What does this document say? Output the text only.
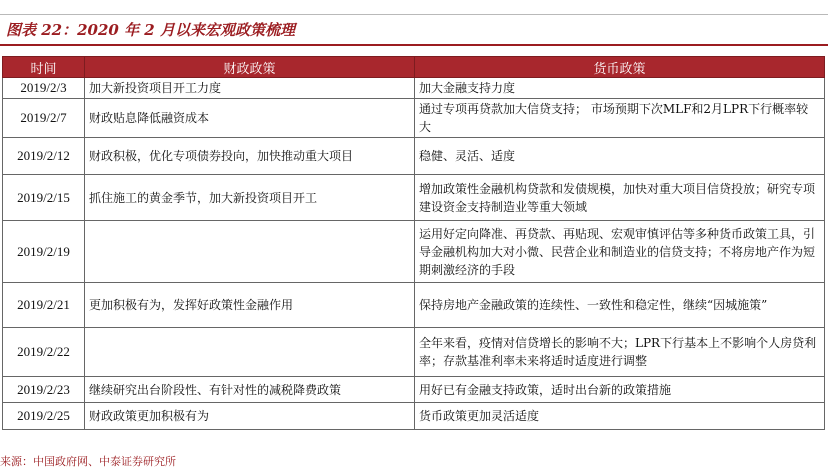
图表 22：2020 年 2 月以来宏观政策梳理
时间	财政政策	货币政策
2019/2/3	加大新投资项目开工力度	加大金融支持力度
2019/2/7	财政贴息降低融资成本	通过专项再贷款加大信贷支持； 市场预期下次MLF和2月LPR下行概率较大
2019/2/12	财政积极，优化专项债券投向，加快推动重大项目	稳健、灵活、适度
2019/2/15	抓住施工的黄金季节，加大新投资项目开工	增加政策性金融机构贷款和发债规模，加快对重大项目信贷投放；研究专项建设资金支持制造业等重大领域
2019/2/19		运用好定向降准、再贷款、再贴现、宏观审慎评估等多种货币政策工具，引导金融机构加大对小微、民营企业和制造业的信贷支持；不将房地产作为短期刺激经济的手段
2019/2/21	更加积极有为，发挥好政策性金融作用	保持房地产金融政策的连续性、一致性和稳定性，继续“因城施策”
2019/2/22		全年来看，疫情对信贷增长的影响不大；LPR下行基本上不影响个人房贷利率；存款基准利率未来将适时适度进行调整
2019/2/23	继续研究出台阶段性、有针对性的减税降费政策	用好已有金融支持政策，适时出台新的政策措施
2019/2/25	财政政策更加积极有为	货币政策更加灵活适度
来源：中国政府网、中泰证券研究所
